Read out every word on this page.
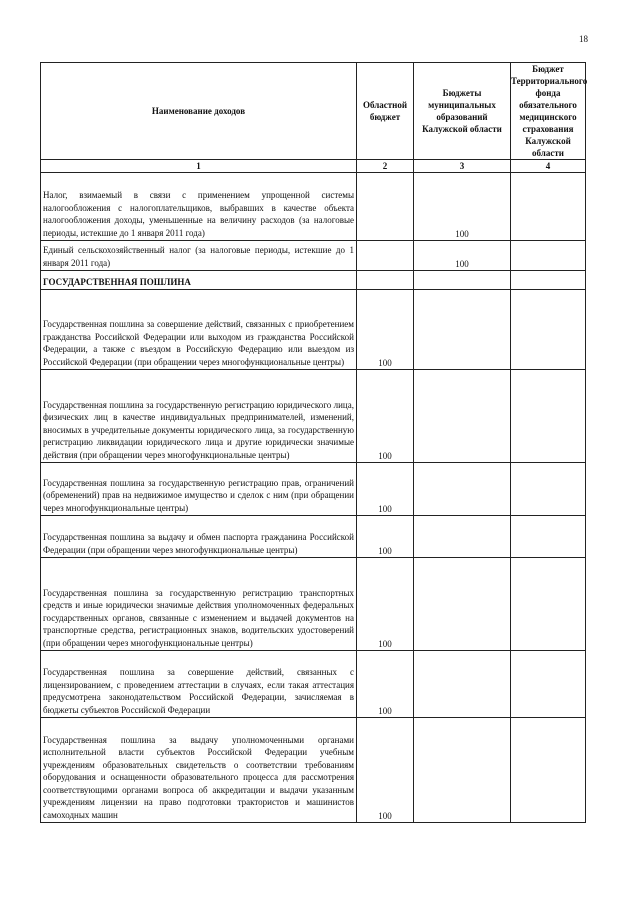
18
Наименование доходов	Областной бюджет	Бюджеты муниципальных образований Калужской области	Бюджет Территориального фонда обязательного медицинского страхования Калужской области
1	2	3	4
Налог, взимаемый в связи с применением упрощенной системы налогообложения с налогоплательщиков, выбравших в качестве объекта налогообложения доходы, уменьшенные на величину расходов (за налоговые периоды, истекшие до 1 января 2011 года)		100	
Единый сельскохозяйственный налог (за налоговые периоды, истекшие до 1 января 2011 года)		100	
ГОСУДАРСТВЕННАЯ ПОШЛИНА			
Государственная пошлина за совершение действий, связанных с приобретением гражданства Российской Федерации или выходом из гражданства Российской Федерации, а также с въездом в Российскую Федерацию или выездом из Российской Федерации (при обращении через многофункциональные центры)	100		
Государственная пошлина за государственную регистрацию юридического лица, физических лиц в качестве индивидуальных предпринимателей, изменений, вносимых в учредительные документы юридического лица, за государственную регистрацию ликвидации юридического лица и другие юридически значимые действия (при обращении через многофункциональные центры)	100		
Государственная пошлина за государственную регистрацию прав, ограничений (обременений) прав на недвижимое имущество и сделок с ним (при обращении через многофункциональные центры)	100		
Государственная пошлина за выдачу и обмен паспорта гражданина Российской Федерации (при обращении через многофункциональные центры)	100		
Государственная пошлина за государственную регистрацию транспортных средств и иные юридически значимые действия уполномоченных федеральных государственных органов, связанные с изменением и выдачей документов на транспортные средства, регистрационных знаков, водительских удостоверений (при обращении через многофункциональные центры)	100		
Государственная пошлина за совершение действий, связанных с лицензированием, с проведением аттестации в случаях, если такая аттестация предусмотрена законодательством Российской Федерации, зачисляемая в бюджеты субъектов Российской Федерации	100		
Государственная пошлина за выдачу уполномоченными органами исполнительной власти субъектов Российской Федерации учебным учреждениям образовательных свидетельств о соответствии требованиям оборудования и оснащенности образовательного процесса для рассмотрения соответствующими органами вопроса об аккредитации и выдачи указанным учреждениям лицензии на право подготовки трактористов и машинистов самоходных машин	100		
